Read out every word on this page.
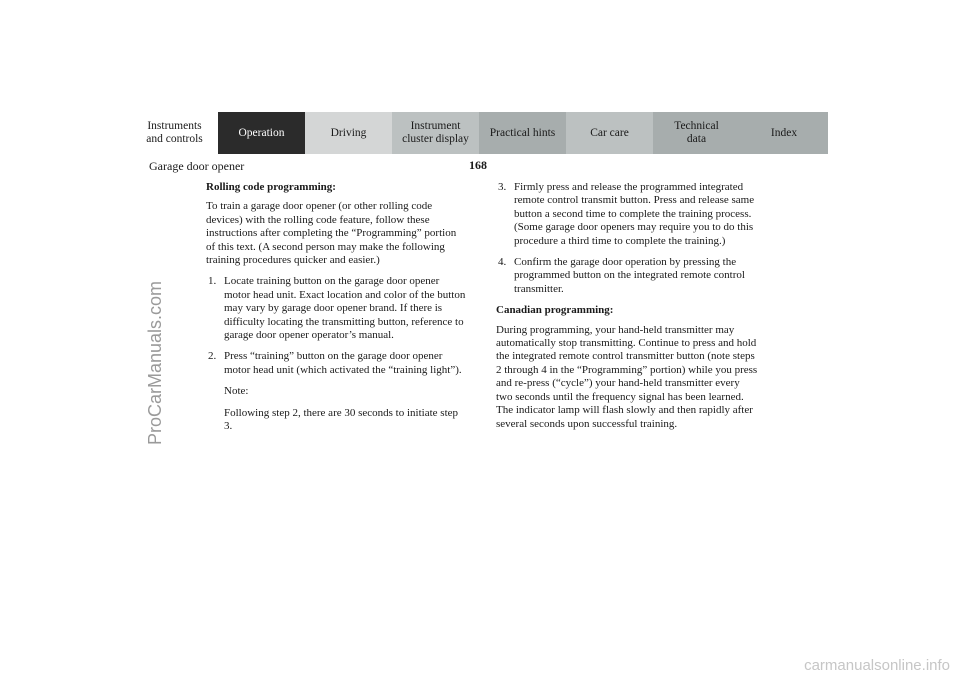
Instruments
and controls
Operation	Driving
Instrument
cluster display
Practical hints	Car care
Technical
data
Index
Garage door opener	168

Rolling code programming:

To train a garage door opener (or other rolling code devices) with the rolling code feature, follow these instructions after completing the “Programming” portion of this text. (A second person may make the following training procedures quicker and easier.)

1. Locate training button on the garage door opener motor head unit. Exact location and color of the button may vary by garage door opener brand. If there is difficulty locating the transmitting button, reference to garage door opener operator’s manual.
2. Press “training” button on the garage door opener motor head unit (which activated the “training light”).

Note:

Following step 2, there are 30 seconds to initiate step 3.

3. Firmly press and release the programmed integrated remote control transmit button. Press and release same button a second time to complete the training process. (Some garage door openers may require you to do this procedure a third time to complete the training.)
4. Confirm the garage door operation by pressing the programmed button on the integrated remote control transmitter.

Canadian programming:

During programming, your hand-held transmitter may automatically stop transmitting. Continue to press and hold the integrated remote control transmitter button (note steps 2 through 4 in the “Programming” portion) while you press and re-press (“cycle”) your hand-held transmitter every two seconds until the frequency signal has been learned. The indicator lamp will flash slowly and then rapidly after several seconds upon successful training.

ProCarManuals.com
carmanualsonline.info
